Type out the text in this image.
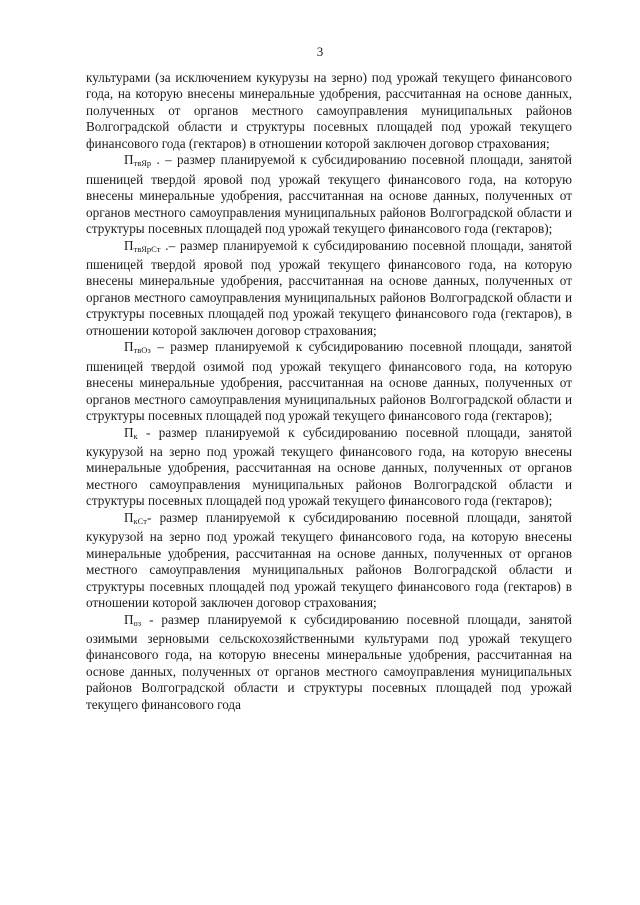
3

культурами (за исключением кукурузы на зерно) под урожай текущего финансового года, на которую внесены минеральные удобрения, рассчитанная на основе данных, полученных от органов местного самоуправления муниципальных районов Волгоградской области и структуры посевных площадей под урожай текущего финансового года (гектаров) в отношении которой заключен договор страхования;

$П_{твЯр}$ . – размер планируемой к субсидированию посевной площади, занятой пшеницей твердой яровой под урожай текущего финансового года, на которую внесены минеральные удобрения, рассчитанная на основе данных, полученных от органов местного самоуправления муниципальных районов Волгоградской области и структуры посевных площадей под урожай текущего финансового года (гектаров);

$П_{твЯрСт}$ .– размер планируемой к субсидированию посевной площади, занятой пшеницей твердой яровой под урожай текущего финансового года, на которую внесены минеральные удобрения, рассчитанная на основе данных, полученных от органов местного самоуправления муниципальных районов Волгоградской области и структуры посевных площадей под урожай текущего финансового года (гектаров), в отношении которой заключен договор страхования;

$П_{твОз}$ – размер планируемой к субсидированию посевной площади, занятой пшеницей твердой озимой под урожай текущего финансового года, на которую внесены минеральные удобрения, рассчитанная на основе данных, полученных от органов местного самоуправления муниципальных районов Волгоградской области и структуры посевных площадей под урожай текущего финансового года (гектаров);

$П_к$ - размер планируемой к субсидированию посевной площади, занятой кукурузой на зерно под урожай текущего финансового года, на которую внесены минеральные удобрения, рассчитанная на основе данных, полученных от органов местного самоуправления муниципальных районов Волгоградской области и структуры посевных площадей под урожай текущего финансового года (гектаров);

$П_{кСт}-$ размер планируемой к субсидированию посевной площади, занятой кукурузой на зерно под урожай текущего финансового года, на которую внесены минеральные удобрения, рассчитанная на основе данных, полученных от органов местного самоуправления муниципальных районов Волгоградской области и структуры посевных площадей под урожай текущего финансового года (гектаров) в отношении которой заключен договор страхования;

$П_{оз}$ - размер планируемой к субсидированию посевной площади, занятой озимыми зерновыми сельскохозяйственными культурами под урожай текущего финансового года, на которую внесены минеральные удобрения, рассчитанная на основе данных, полученных от органов местного самоуправления муниципальных районов Волгоградской области и структуры посевных площадей под урожай текущего финансового года
